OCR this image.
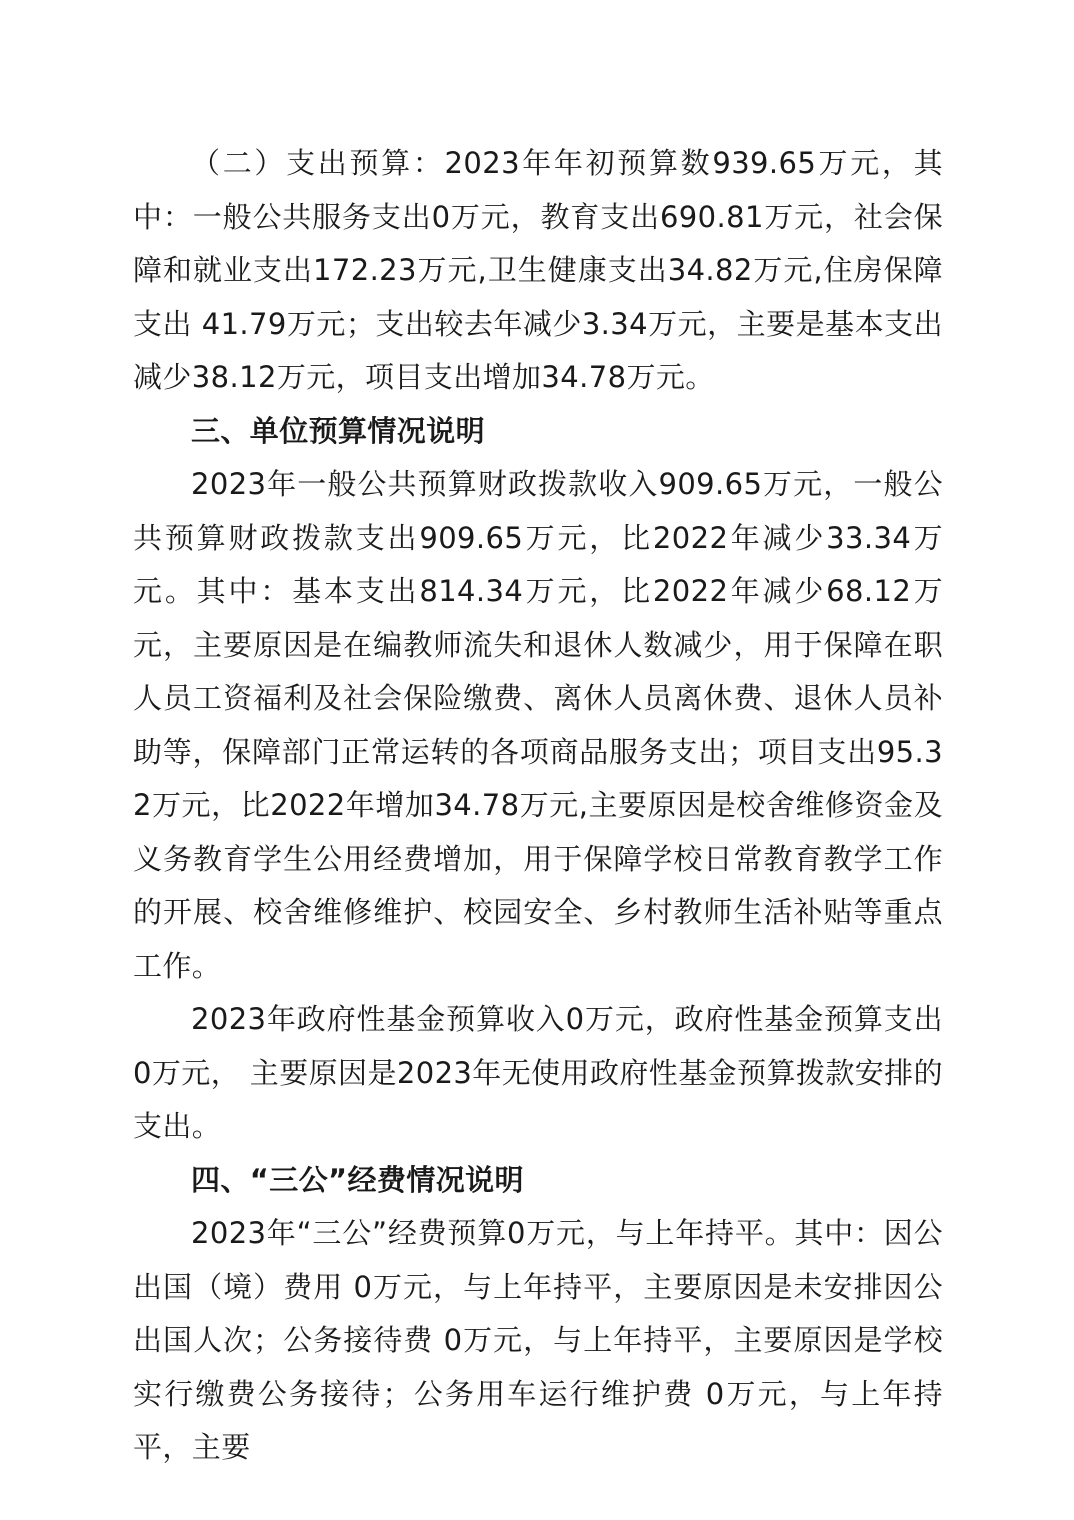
（二）支出预算：2023年年初预算数939.65万元，其中：一般公共服务支出0万元，教育支出690.81万元，社会保障和就业支出172.23万元,卫生健康支出34.82万元,住房保障支出 41.79万元；支出较去年减少3.34万元，主要是基本支出减少38.12万元，项目支出增加34.78万元。

三、单位预算情况说明

2023年一般公共预算财政拨款收入909.65万元，一般公共预算财政拨款支出909.65万元，比2022年减少33.34万元。其中：基本支出814.34万元，比2022年减少68.12万元，主要原因是在编教师流失和退休人数减少，用于保障在职人员工资福利及社会保险缴费、离休人员离休费、退休人员补助等，保障部门正常运转的各项商品服务支出；项目支出95.32万元，比2022年增加34.78万元,主要原因是校舍维修资金及义务教育学生公用经费增加，用于保障学校日常教育教学工作的开展、校舍维修维护、校园安全、乡村教师生活补贴等重点工作。

2023年政府性基金预算收入0万元，政府性基金预算支出0万元， 主要原因是2023年无使用政府性基金预算拨款安排的支出。

四、“三公”经费情况说明

2023年“三公”经费预算0万元，与上年持平。其中：因公出国（境）费用 0万元，与上年持平，主要原因是未安排因公出国人次；公务接待费 0万元，与上年持平，主要原因是学校实行缴费公务接待；公务用车运行维护费 0万元，与上年持平，主要
